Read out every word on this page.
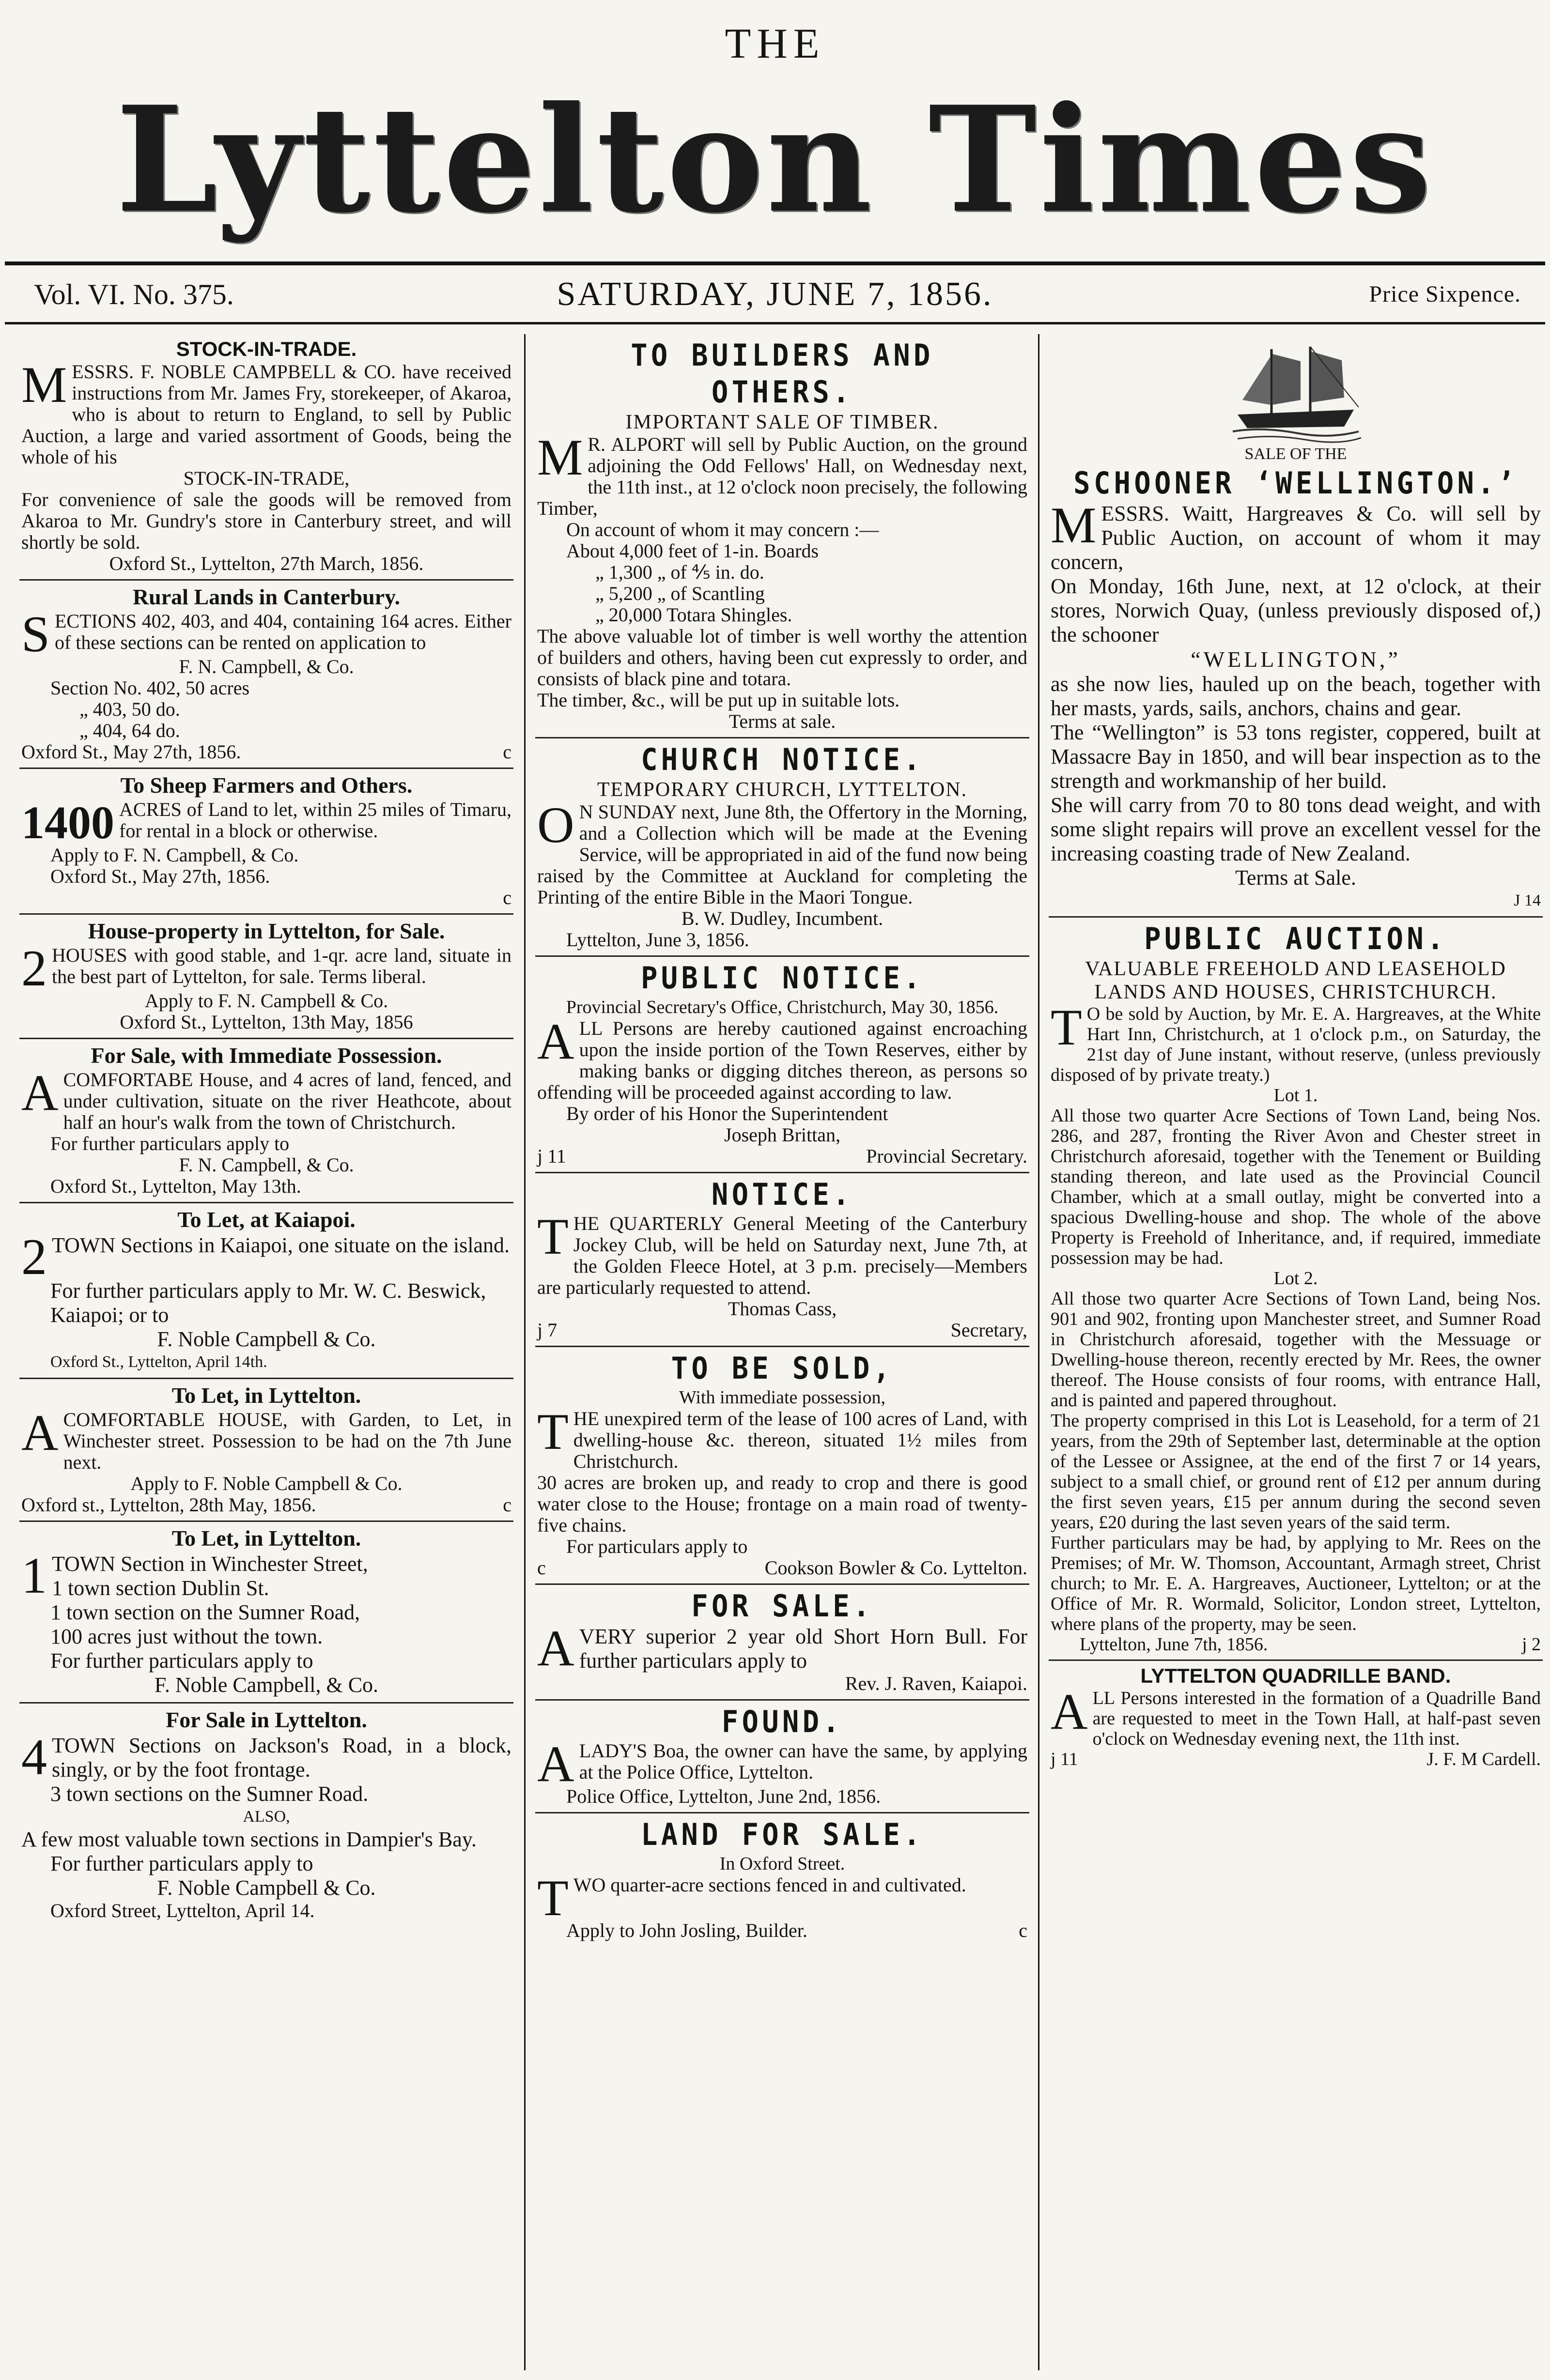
THE
Lyttelton Times
Vol. VI. No. 375.	SATURDAY, JUNE 7, 1856.	Price Sixpence.
STOCK-IN-TRADE.
MESSRS. F. NOBLE CAMPBELL & CO. have received instructions from Mr. James Fry, storekeeper, of Akaroa, who is about to return to England, to sell by Public Auction, a large and varied assortment of Goods, being the whole of his
STOCK-IN-TRADE,
For convenience of sale the goods will be removed from Akaroa to Mr. Gundry's store in Canterbury street, and will shortly be sold.
Oxford St., Lyttelton, 27th March, 1856.
Rural Lands in Canterbury.
SECTIONS 402, 403, and 404, containing 164 acres. Either of these sections can be rented on application to
F. N. Campbell, & Co.
Section No. 402, 50 acres
„ 403, 50 do.
„ 404, 64 do.
Oxford St., May 27th, 1856.	c
To Sheep Farmers and Others.
1400 ACRES of Land to let, within 25 miles of Timaru, for rental in a block or otherwise.
Apply to F. N. Campbell, & Co.
Oxford St., May 27th, 1856.
c
House-property in Lyttelton, for Sale.
2 HOUSES with good stable, and 1-qr. acre land, situate in the best part of Lyttelton, for sale. Terms liberal.
Apply to F. N. Campbell & Co.
Oxford St., Lyttelton, 13th May, 1856
For Sale, with Immediate Possession.
ACOMFORTABE House, and 4 acres of land, fenced, and under cultivation, situate on the river Heathcote, about half an hour's walk from the town of Christchurch.
For further particulars apply to
F. N. Campbell, & Co.
Oxford St., Lyttelton, May 13th.
To Let, at Kaiapoi.
2 TOWN Sections in Kaiapoi, one situate on the island.
For further particulars apply to Mr. W. C. Beswick, Kaiapoi; or to
F. Noble Campbell & Co.
Oxford St., Lyttelton, April 14th.
To Let, in Lyttelton.
ACOMFORTABLE HOUSE, with Garden, to Let, in Winchester street. Possession to be had on the 7th June next.
Apply to F. Noble Campbell & Co.
Oxford st., Lyttelton, 28th May, 1856.	c
To Let, in Lyttelton.
1 TOWN Section in Winchester Street,
1 town section Dublin St.
1 town section on the Sumner Road,
100 acres just without the town.
For further particulars apply to
F. Noble Campbell, & Co.
For Sale in Lyttelton.
4 TOWN Sections on Jackson's Road, in a block, singly, or by the foot frontage.
3 town sections on the Sumner Road.
ALSO,
A few most valuable town sections in Dampier's Bay.
For further particulars apply to
F. Noble Campbell & Co.
Oxford Street, Lyttelton, April 14.
TO BUILDERS AND OTHERS.
IMPORTANT SALE OF TIMBER.
M R. ALPORT will sell by Public Auction, on the ground adjoining the Odd Fellows' Hall, on Wednesday next, the 11th inst., at 12 o'clock noon precisely, the following Timber,
On account of whom it may concern :—
About 4,000 feet of 1-in. Boards
„ 1,300 „ of ⅘ in. do.
„ 5,200 „ of Scantling
„ 20,000 Totara Shingles.
The above valuable lot of timber is well worthy the attention of builders and others, having been cut expressly to order, and consists of black pine and totara.
The timber, &c., will be put up in suitable lots.
Terms at sale.
CHURCH NOTICE.
TEMPORARY CHURCH, LYTTELTON.
O N SUNDAY next, June 8th, the Offertory in the Morning, and a Collection which will be made at the Evening Service, will be appropriated in aid of the fund now being raised by the Committee at Auckland for completing the Printing of the entire Bible in the Maori Tongue.
B. W. Dudley, Incumbent.
Lyttelton, June 3, 1856.
PUBLIC NOTICE.
Provincial Secretary's Office, Christchurch, May 30, 1856.
ALL Persons are hereby cautioned against encroaching upon the inside portion of the Town Reserves, either by making banks or digging ditches thereon, as persons so offending will be proceeded against according to law.
By order of his Honor the Superintendent
Joseph Brittan,
j 11	Provincial Secretary.
NOTICE.
THE QUARTERLY General Meeting of the Canterbury Jockey Club, will be held on Saturday next, June 7th, at the Golden Fleece Hotel, at 3 p.m. precisely—Members are particularly requested to attend.
Thomas Cass,
j 7	Secretary,
TO BE SOLD,
With immediate possession,
THE unexpired term of the lease of 100 acres of Land, with dwelling-house &c. thereon, situated 1½ miles from Christchurch.
30 acres are broken up, and ready to crop and there is good water close to the House; frontage on a main road of twenty-five chains.
For particulars apply to
c	Cookson Bowler & Co. Lyttelton.
FOR SALE.
AVERY superior 2 year old Short Horn Bull. For further particulars apply to
Rev. J. Raven, Kaiapoi.
FOUND.
ALADY'S Boa, the owner can have the same, by applying at the Police Office, Lyttelton.
Police Office, Lyttelton, June 2nd, 1856.
LAND FOR SALE.
In Oxford Street.
TWO quarter-acre sections fenced in and cultivated.
Apply to John Josling, Builder.	c
SALE OF THE
SCHOONER ‘WELLINGTON.’
MESSRS. Waitt, Hargreaves & Co. will sell by Public Auction, on account of whom it may concern,
On Monday, 16th June, next, at 12 o'clock, at their stores, Norwich Quay, (unless previously disposed of,) the schooner
“WELLINGTON,”
as she now lies, hauled up on the beach, together with her masts, yards, sails, anchors, chains and gear.
The “Wellington” is 53 tons register, coppered, built at Massacre Bay in 1850, and will bear inspection as to the strength and workmanship of her build.
She will carry from 70 to 80 tons dead weight, and with some slight repairs will prove an excellent vessel for the increasing coasting trade of New Zealand.
Terms at Sale.
J 14
PUBLIC AUCTION.
VALUABLE FREEHOLD AND LEASEHOLD LANDS AND HOUSES, CHRISTCHURCH.
T O be sold by Auction, by Mr. E. A. Hargreaves, at the White Hart Inn, Christchurch, at 1 o'clock p.m., on Saturday, the 21st day of June instant, without reserve, (unless previously disposed of by private treaty.)
Lot 1.
All those two quarter Acre Sections of Town Land, being Nos. 286, and 287, fronting the River Avon and Chester street in Christchurch aforesaid, together with the Tenement or Building standing thereon, and late used as the Provincial Council Chamber, which at a small outlay, might be converted into a spacious Dwelling-house and shop. The whole of the above Property is Freehold of Inheritance, and, if required, immediate possession may be had.
Lot 2.
All those two quarter Acre Sections of Town Land, being Nos. 901 and 902, fronting upon Manchester street, and Sumner Road in Christchurch aforesaid, together with the Messuage or Dwelling-house thereon, recently erected by Mr. Rees, the owner thereof. The House consists of four rooms, with entrance Hall, and is painted and papered throughout.
The property comprised in this Lot is Leasehold, for a term of 21 years, from the 29th of September last, determinable at the option of the Lessee or Assignee, at the end of the first 7 or 14 years, subject to a small chief, or ground rent of £12 per annum during the first seven years, £15 per annum during the second seven years, £20 during the last seven years of the said term.
Further particulars may be had, by applying to Mr. Rees on the Premises; of Mr. W. Thomson, Accountant, Armagh street, Christ church; to Mr. E. A. Hargreaves, Auctioneer, Lyttelton; or at the Office of Mr. R. Wormald, Solicitor, London street, Lyttelton, where plans of the property, may be seen.
Lyttelton, June 7th, 1856.	j 2
LYTTELTON QUADRILLE BAND.
ALL Persons interested in the formation of a Quadrille Band are requested to meet in the Town Hall, at half-past seven o'clock on Wednesday evening next, the 11th inst.
j 11	J. F. M Cardell.
